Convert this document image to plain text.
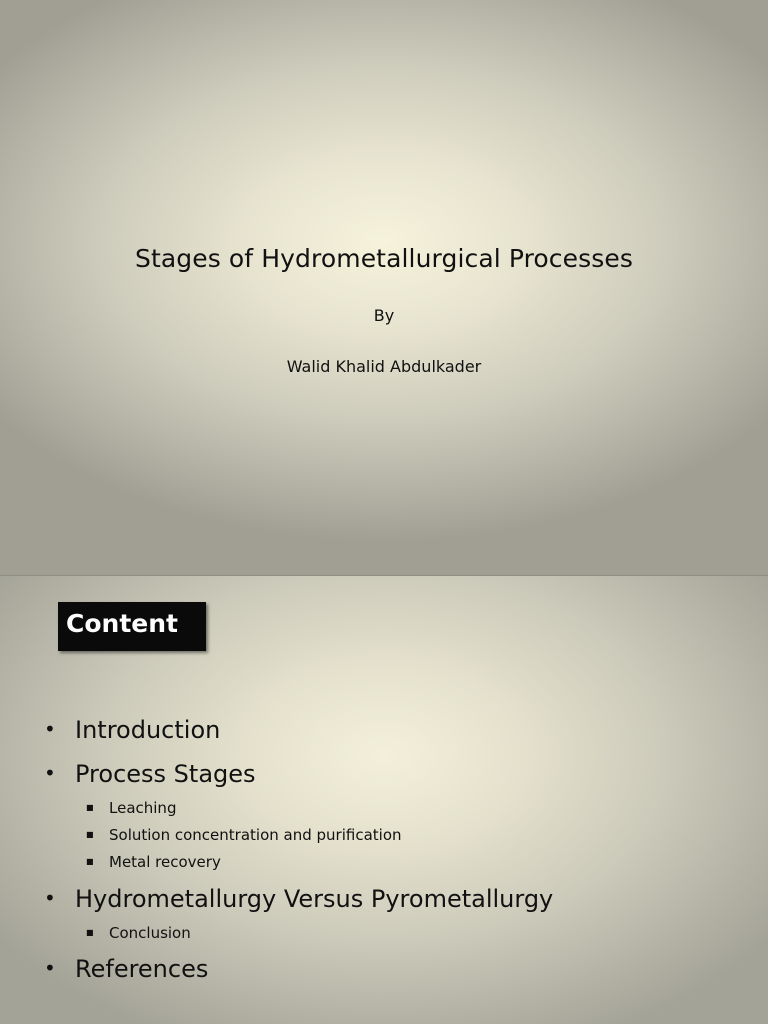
Stages of Hydrometallurgical Processes
By
Walid Khalid Abdulkader
Content
• Introduction
• Process Stages
■ Leaching
■ Solution concentration and purification
■ Metal recovery
• Hydrometallurgy Versus Pyrometallurgy
■ Conclusion
• References
